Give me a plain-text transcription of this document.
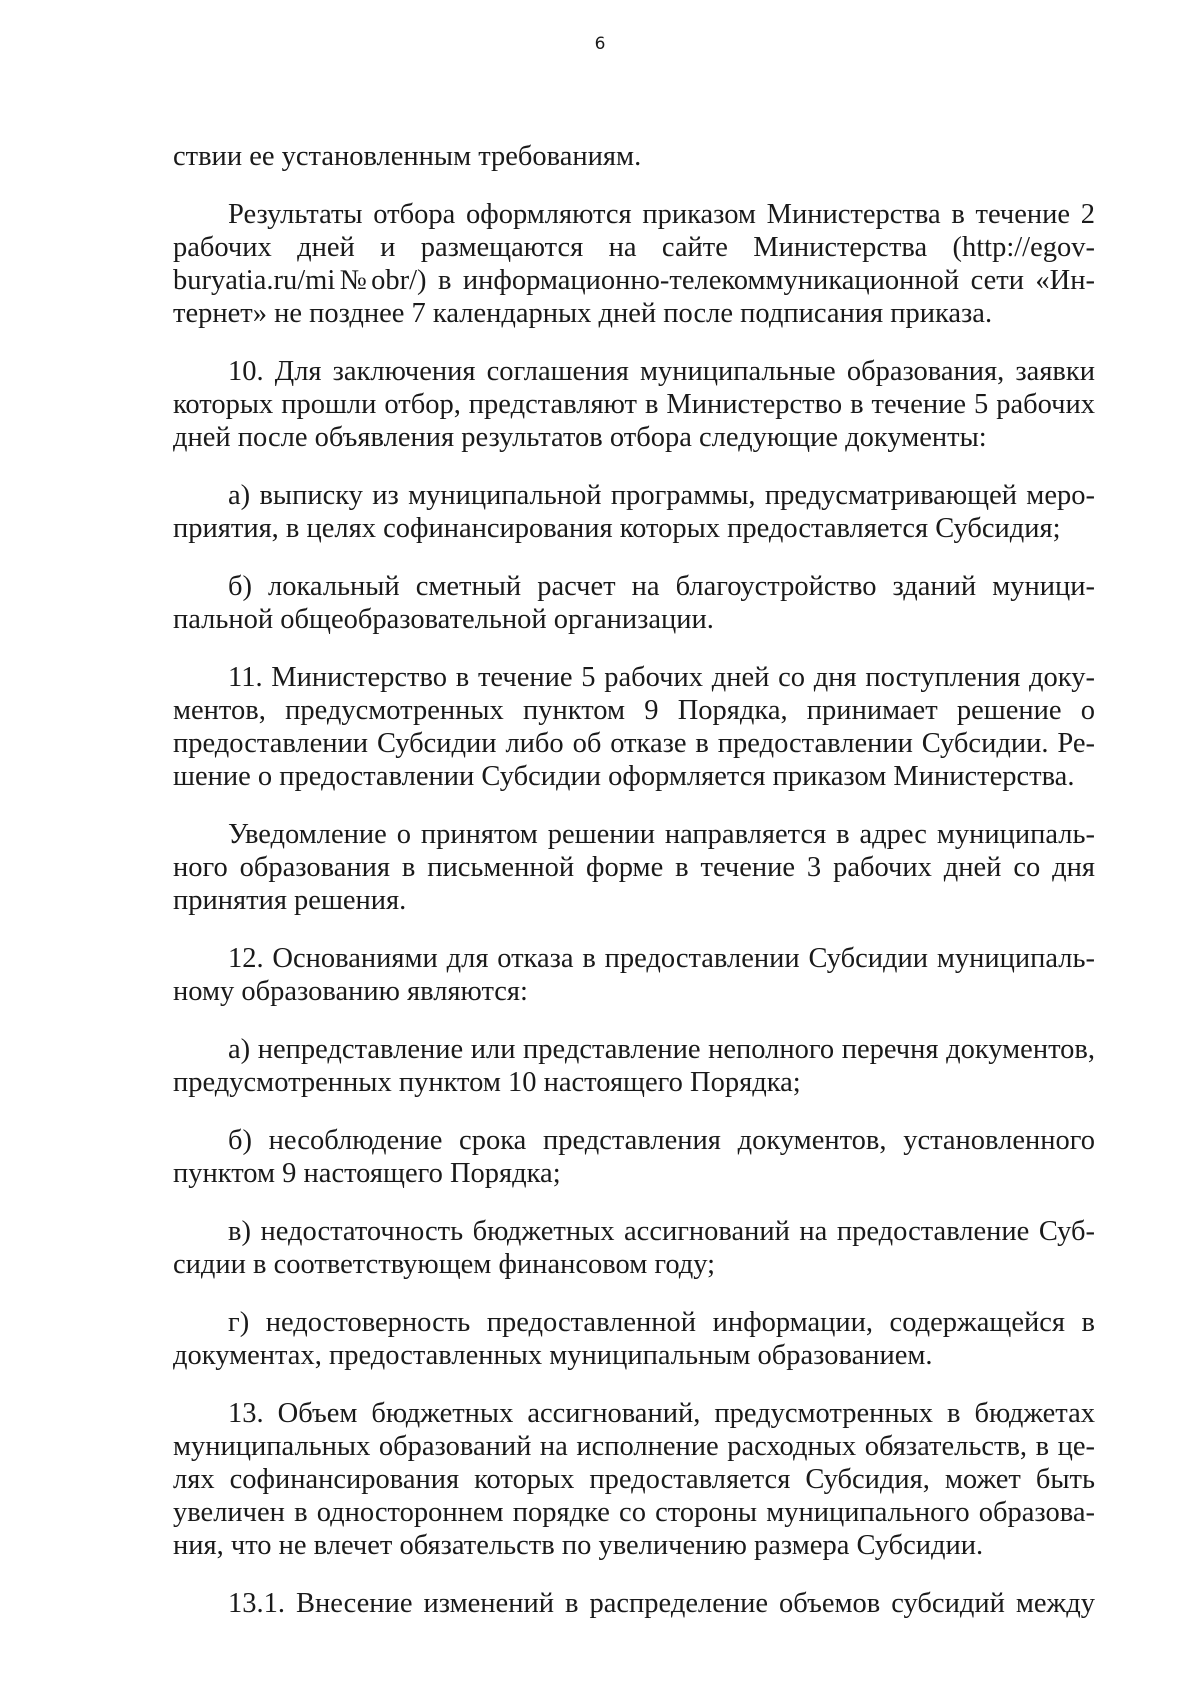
6

ствии ее установленным требованиям.

Результаты отбора оформляются приказом Министерства в течение 2 рабочих дней и размещаются на сайте Министерства (http://egov-buryatia.ru/mi№obr/) в информационно-телекоммуникационной сети «Интернет» не позднее 7 календарных дней после подписания приказа.

10. Для заключения соглашения муниципальные образования, заявки которых прошли отбор, представляют в Министерство в течение 5 рабочих дней после объявления результатов отбора следующие документы:

а) выписку из муниципальной программы, предусматривающей мероприятия, в целях софинансирования которых предоставляется Субсидия;

б) локальный сметный расчет на благоустройство зданий муниципальной общеобразовательной организации.

11. Министерство в течение 5 рабочих дней со дня поступления документов, предусмотренных пунктом 9 Порядка, принимает решение о предоставлении Субсидии либо об отказе в предоставлении Субсидии. Решение о предоставлении Субсидии оформляется приказом Министерства.

Уведомление о принятом решении направляется в адрес муниципального образования в письменной форме в течение 3 рабочих дней со дня принятия решения.

12. Основаниями для отказа в предоставлении Субсидии муниципальному образованию являются:

а) непредставление или представление неполного перечня документов, предусмотренных пунктом 10 настоящего Порядка;

б) несоблюдение срока представления документов, установленного пунктом 9 настоящего Порядка;

в) недостаточность бюджетных ассигнований на предоставление Субсидии в соответствующем финансовом году;

г) недостоверность предоставленной информации, содержащейся в документах, предоставленных муниципальным образованием.

13. Объем бюджетных ассигнований, предусмотренных в бюджетах муниципальных образований на исполнение расходных обязательств, в целях софинансирования которых предоставляется Субсидия, может быть увеличен в одностороннем порядке со стороны муниципального образования, что не влечет обязательств по увеличению размера Субсидии.

13.1. Внесение изменений в распределение объемов субсидий между
